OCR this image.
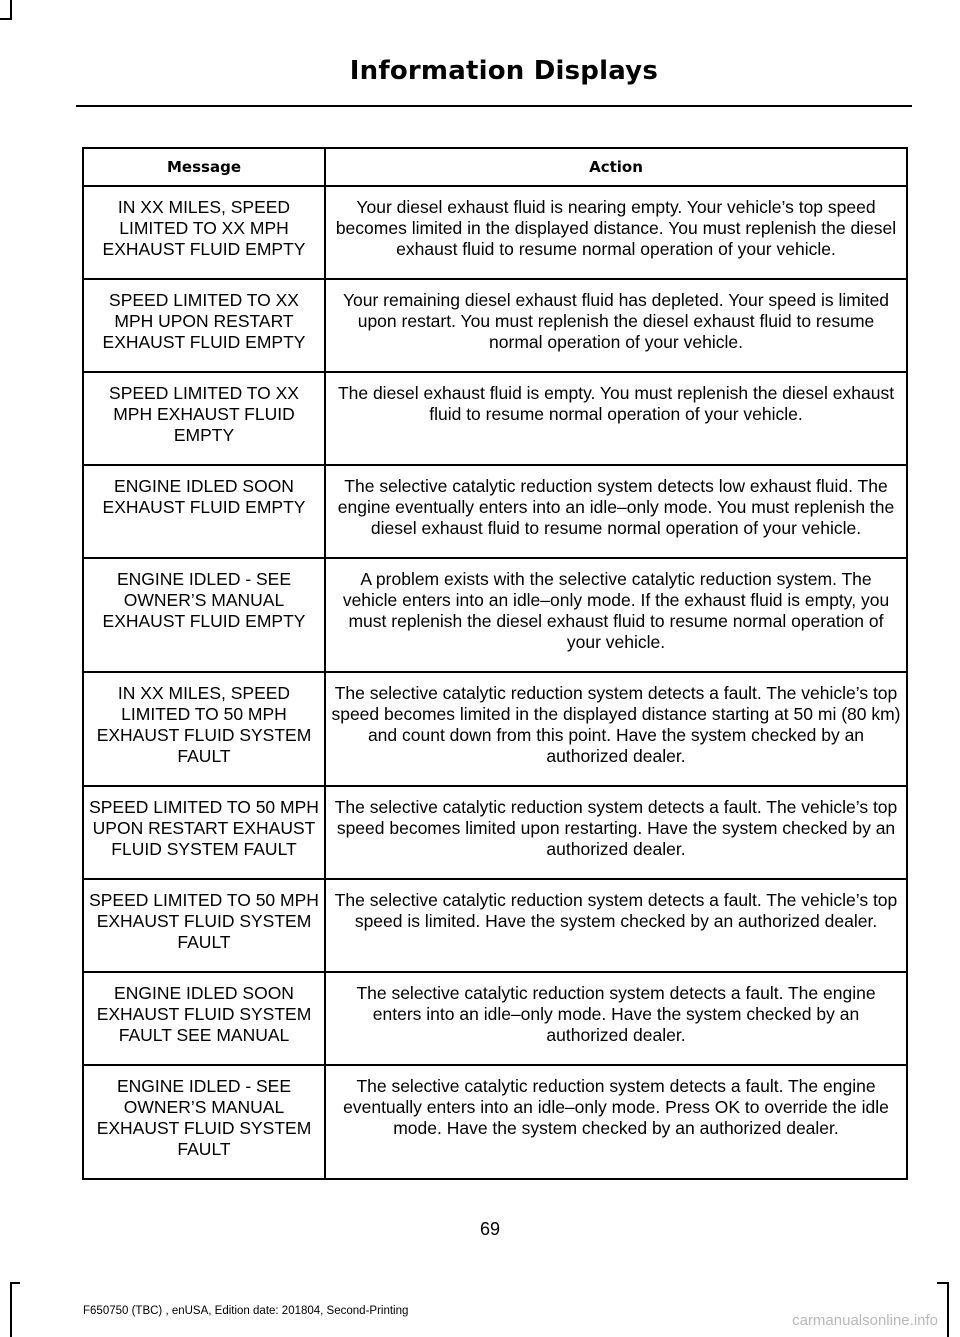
Information Displays
Message	Action
IN XX MILES, SPEED LIMITED TO XX MPH EXHAUST FLUID EMPTY	Your diesel exhaust fluid is nearing empty. Your vehicle’s top speed becomes limited in the displayed distance. You must replenish the diesel exhaust fluid to resume normal operation of your vehicle.
SPEED LIMITED TO XX MPH UPON RESTART EXHAUST FLUID EMPTY	Your remaining diesel exhaust fluid has depleted. Your speed is limited upon restart. You must replenish the diesel exhaust fluid to resume normal operation of your vehicle.
SPEED LIMITED TO XX MPH EXHAUST FLUID EMPTY	The diesel exhaust fluid is empty. You must replenish the diesel exhaust fluid to resume normal operation of your vehicle.
ENGINE IDLED SOON EXHAUST FLUID EMPTY	The selective catalytic reduction system detects low exhaust fluid. The engine eventually enters into an idle–only mode. You must replenish the diesel exhaust fluid to resume normal operation of your vehicle.
ENGINE IDLED - SEE OWNER’S MANUAL EXHAUST FLUID EMPTY	A problem exists with the selective catalytic reduction system. The vehicle enters into an idle–only mode. If the exhaust fluid is empty, you must replenish the diesel exhaust fluid to resume normal operation of your vehicle.
IN XX MILES, SPEED LIMITED TO 50 MPH EXHAUST FLUID SYSTEM FAULT	The selective catalytic reduction system detects a fault. The vehicle’s top speed becomes limited in the displayed distance starting at 50 mi (80 km) and count down from this point. Have the system checked by an authorized dealer.
SPEED LIMITED TO 50 MPH UPON RESTART EXHAUST FLUID SYSTEM FAULT	The selective catalytic reduction system detects a fault. The vehicle’s top speed becomes limited upon restarting. Have the system checked by an authorized dealer.
SPEED LIMITED TO 50 MPH EXHAUST FLUID SYSTEM FAULT	The selective catalytic reduction system detects a fault. The vehicle’s top speed is limited. Have the system checked by an authorized dealer.
ENGINE IDLED SOON EXHAUST FLUID SYSTEM FAULT SEE MANUAL	The selective catalytic reduction system detects a fault. The engine enters into an idle–only mode. Have the system checked by an authorized dealer.
ENGINE IDLED - SEE OWNER’S MANUAL EXHAUST FLUID SYSTEM FAULT	The selective catalytic reduction system detects a fault. The engine eventually enters into an idle–only mode. Press OK to override the idle mode. Have the system checked by an authorized dealer.
69
F650750 (TBC) , enUSA, Edition date: 201804, Second-Printing
carmanualsonline.info
